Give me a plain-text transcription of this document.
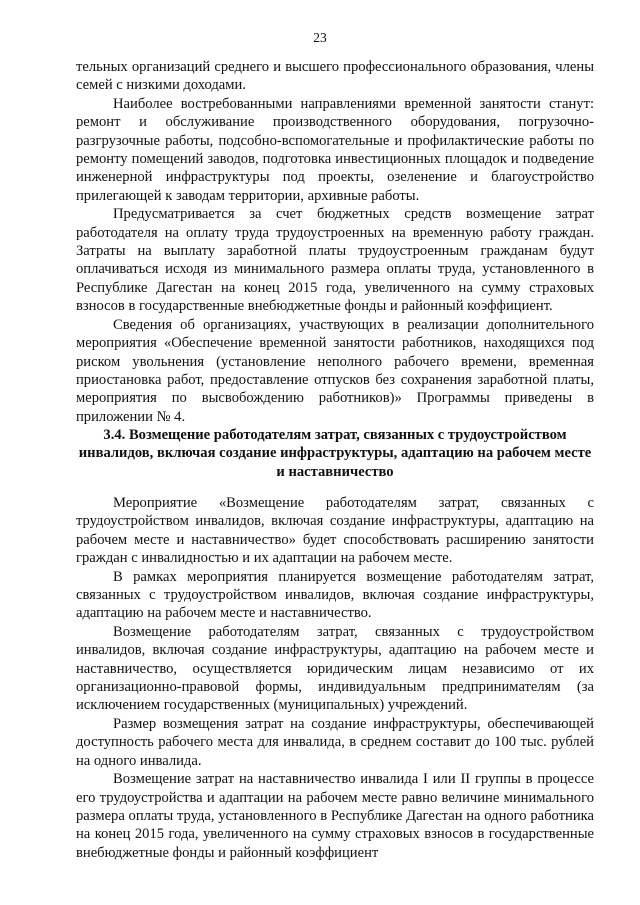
23

тельных организаций среднего и высшего профессионального образования, члены семей с низкими доходами.

Наиболее востребованными направлениями временной занятости станут: ремонт и обслуживание производственного оборудования, погрузочно-разгрузочные работы, подсобно-вспомогательные и профилактические работы по ремонту помещений заводов, подготовка инвестиционных площадок и подведение инженерной инфраструктуры под проекты, озеленение и благоустройство прилегающей к заводам территории, архивные работы.

Предусматривается за счет бюджетных средств возмещение затрат работодателя на оплату труда трудоустроенных на временную работу граждан. Затраты на выплату заработной платы трудоустроенным гражданам будут оплачиваться исходя из минимального размера оплаты труда, установленного в Республике Дагестан на конец 2015 года, увеличенного на сумму страховых взносов в государственные внебюджетные фонды и районный коэффициент.

Сведения об организациях, участвующих в реализации дополнительного мероприятия «Обеспечение временной занятости работников, находящихся под риском увольнения (установление неполного рабочего времени, временная приостановка работ, предоставление отпусков без сохранения заработной платы, мероприятия по высвобождению работников)» Программы приведены в приложении № 4.

3.4. Возмещение работодателям затрат, связанных с трудоустройством инвалидов, включая создание инфраструктуры, адаптацию на рабочем месте и наставничество

Мероприятие «Возмещение работодателям затрат, связанных с трудоустройством инвалидов, включая создание инфраструктуры, адаптацию на рабочем месте и наставничество» будет способствовать расширению занятости граждан с инвалидностью и их адаптации на рабочем месте.

В рамках мероприятия планируется возмещение работодателям затрат, связанных с трудоустройством инвалидов, включая создание инфраструктуры, адаптацию на рабочем месте и наставничество.

Возмещение работодателям затрат, связанных с трудоустройством инвалидов, включая создание инфраструктуры, адаптацию на рабочем месте и наставничество, осуществляется юридическим лицам независимо от их организационно-правовой формы, индивидуальным предпринимателям (за исключением государственных (муниципальных) учреждений.

Размер возмещения затрат на создание инфраструктуры, обеспечивающей доступность рабочего места для инвалида, в среднем составит до 100 тыс. рублей на одного инвалида.

Возмещение затрат на наставничество инвалида I или II группы в процессе его трудоустройства и адаптации на рабочем месте равно величине минимального размера оплаты труда, установленного в Республике Дагестан на одного работника на конец 2015 года, увеличенного на сумму страховых взносов в государственные внебюджетные фонды и районный коэффициент
